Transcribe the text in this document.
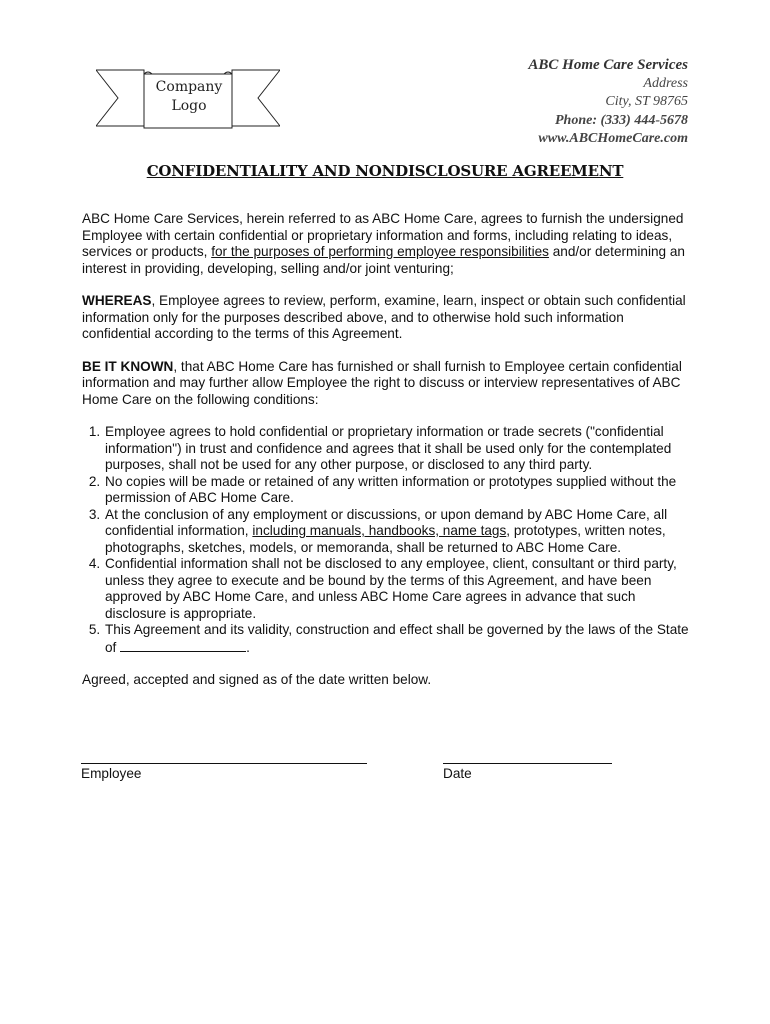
Company
Logo
ABC Home Care Services
Address
City, ST 98765
Phone: (333) 444-5678
www.ABCHomeCare.com
CONFIDENTIALITY AND NONDISCLOSURE AGREEMENT

ABC Home Care Services, herein referred to as ABC Home Care, agrees to furnish the undersigned Employee with certain confidential or proprietary information and forms, including relating to ideas, services or products, for the purposes of performing employee responsibilities and/or determining an interest in providing, developing, selling and/or joint venturing;

WHEREAS, Employee agrees to review, perform, examine, learn, inspect or obtain such confidential information only for the purposes described above, and to otherwise hold such information confidential according to the terms of this Agreement.

BE IT KNOWN, that ABC Home Care has furnished or shall furnish to Employee certain confidential information and may further allow Employee the right to discuss or interview representatives of ABC Home Care on the following conditions:

1. Employee agrees to hold confidential or proprietary information or trade secrets ("confidential information") in trust and confidence and agrees that it shall be used only for the contemplated purposes, shall not be used for any other purpose, or disclosed to any third party.
2. No copies will be made or retained of any written information or prototypes supplied without the permission of ABC Home Care.
3. At the conclusion of any employment or discussions, or upon demand by ABC Home Care, all confidential information, including manuals, handbooks, name tags, prototypes, written notes, photographs, sketches, models, or memoranda, shall be returned to ABC Home Care.
4. Confidential information shall not be disclosed to any employee, client, consultant or third party, unless they agree to execute and be bound by the terms of this Agreement, and have been approved by ABC Home Care, and unless ABC Home Care agrees in advance that such disclosure is appropriate.
5. This Agreement and its validity, construction and effect shall be governed by the laws of the State of	.

Agreed, accepted and signed as of the date written below.

Employee	Date
